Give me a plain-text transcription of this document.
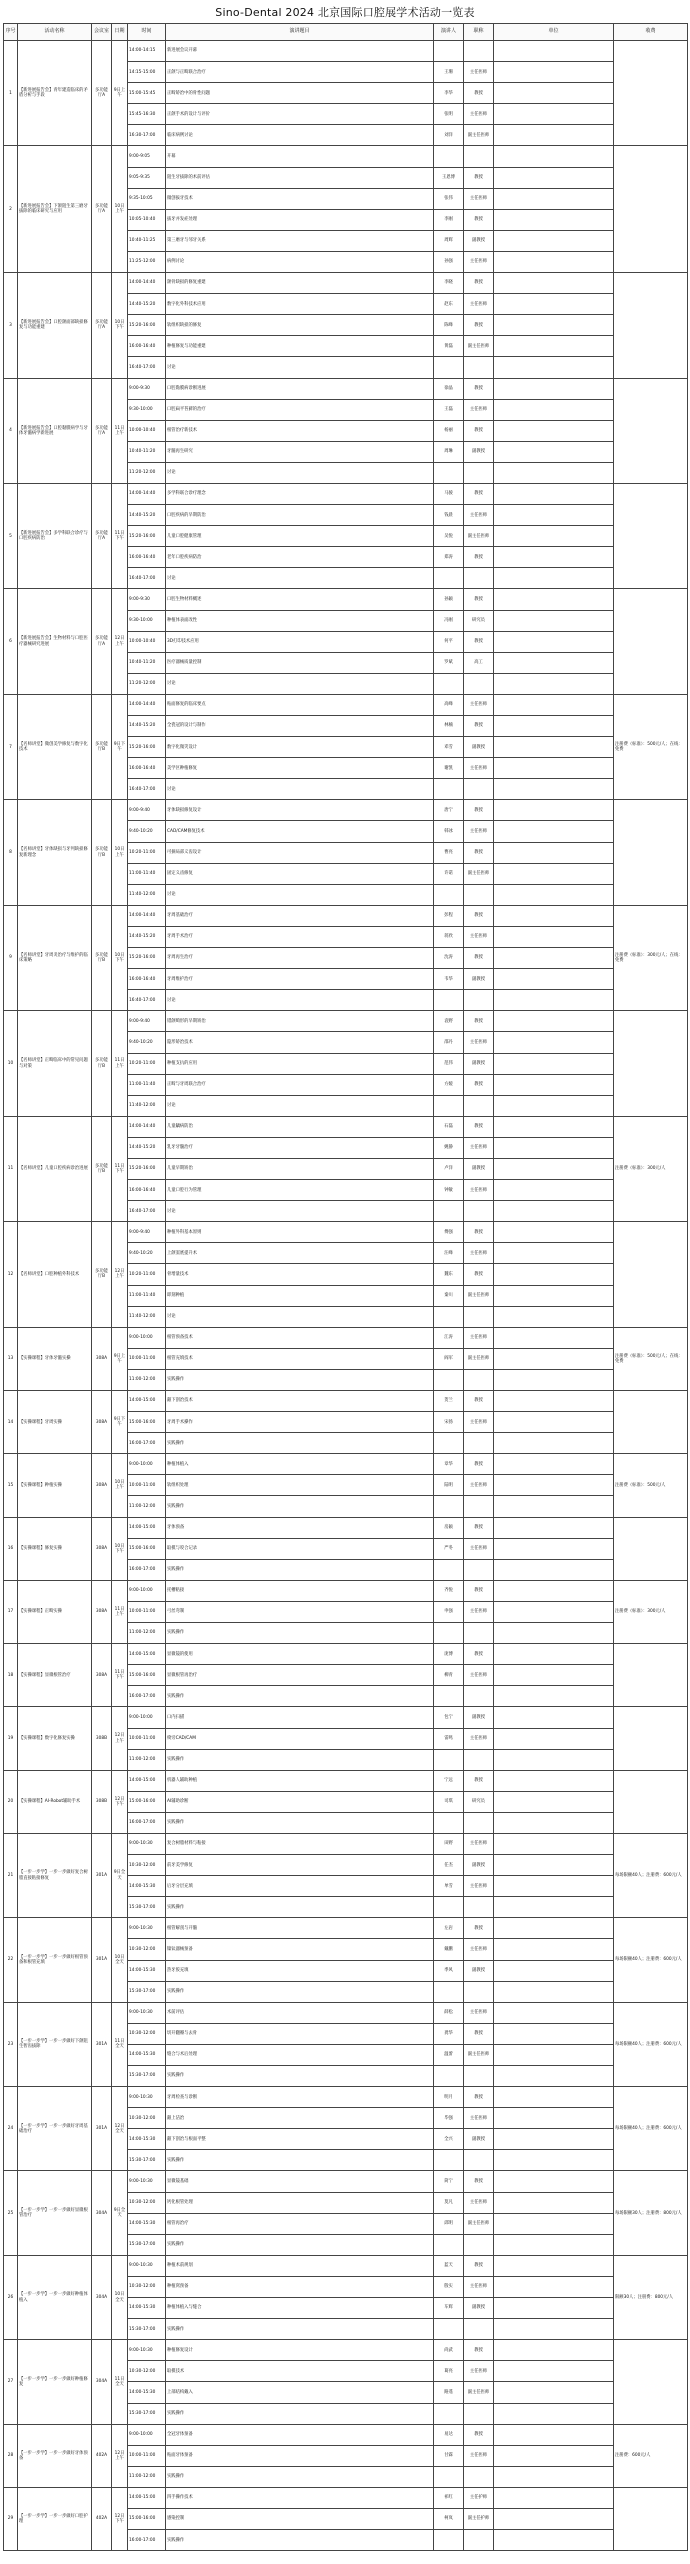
Sino-Dental 2024 北京国际口腔展学术活动一览表
序号	活动名称	会议室	日期	时间	演讲题目	演讲人	职称	单位	收费
1	【新进展报告会】青年建造临床的矛盾分析与手段	多功能厅A	9日上午	14:00-14:15	新进展会议开幕				
				14:15-15:00	正颌与正畸联合治疗	王珊	主任医师		
				15:00-15:45	正畸矫治中的骨性问题	李华	教授		
				15:45-16:30	正颌手术的设计与评价	张明	主任医师		
				16:30-17:00	临床病例讨论	刘洋	副主任医师		
2	【新进展报告会】下颌阻生第三磨牙拔除的临床研究与应用	多功能厅A	10日上午	9:00-9:05	开幕				
				9:05-9:35	阻生牙拔除的术前评估	王恩博	教授		
				9:35-10:05	微创拔牙技术	张伟	主任医师		
				10:05-10:40	拔牙并发症处理	李刚	教授		
				10:40-11:25	第三磨牙与邻牙关系	周辉	副教授		
				11:25-12:00	病例讨论	孙强	主任医师		
3	【新进展报告会】口腔颌面部缺损修复与功能重建	多功能厅A	10日下午	14:00-14:40	颌骨缺损的修复重建	李晓	教授		
				14:40-15:20	数字化外科技术应用	赵东	主任医师		
				15:20-16:00	软组织缺损的修复	陈峰	教授		
				16:00-16:40	种植修复与功能重建	黄磊	副主任医师		
				16:40-17:00	讨论				
4	【新进展报告会】口腔黏膜病学与牙体牙髓病学新进展	多功能厅A	11日上午	9:00-9:30	口腔黏膜病诊断进展	徐晶	教授		
				9:30-10:00	口腔扁平苔藓的治疗	王磊	主任医师		
				10:00-10:40	根管治疗新技术	杨丽	教授		
				10:40-11:20	牙髓再生研究	周琳	副教授		
				11:20-12:00	讨论				
5	【新进展报告会】多学科联合诊疗与口腔疾病防治	多功能厅A	11日下午	14:00-14:40	多学科联合诊疗理念	马骏	教授		
				14:40-15:20	口腔疾病的早期防治	钱晨	主任医师		
				15:20-16:00	儿童口腔健康管理	吴悦	副主任医师		
				16:00-16:40	老年口腔疾病防治	郑涛	教授		
				16:40-17:00	讨论				
6	【新进展报告会】生物材料与口腔医疗器械研究进展	多功能厅A	12日上午	9:00-9:30	口腔生物材料概述	孙颖	教授		
				9:30-10:00	种植体表面改性	冯刚	研究员		
				10:00-10:40	3D打印技术应用	何平	教授		
				10:40-11:20	医疗器械质量控制	罗斌	高工		
				11:20-12:00	讨论				
7	【名师讲堂】微创美学修复与数字化技术	多功能厅B	9日下午	14:00-14:40	贴面修复的临床要点	高峰	主任医师		注册费（标准）：500元/人；在线：免费
				14:40-15:20	全瓷冠的设计与制作	林楠	教授		
				15:20-16:00	数字化微笑设计	邓雪	副教授		
				16:00-16:40	美学区种植修复	谢凯	主任医师		
				16:40-17:00	讨论				
8	【名师讲堂】牙体缺损与牙列缺损修复新理念	多功能厅B	10日上午	9:00-9:40	牙体缺损修复设计	唐宁	教授		
				9:40-10:20	CAD/CAM修复技术	韩冰	主任医师		
				10:20-11:00	可摘局部义齿设计	曹亮	教授		
				11:00-11:40	固定义齿修复	许诺	副主任医师		
				11:40-12:00	讨论				
9	【名师讲堂】牙周炎治疗与维护的临床策略	多功能厅B	10日下午	14:00-14:40	牙周基础治疗	彭程	教授		注册费（标准）：300元/人；在线：免费
				14:40-15:20	牙周手术治疗	蒋欣	主任医师		
				15:20-16:00	牙周再生治疗	沈涛	教授		
				16:00-16:40	牙周维护治疗	韦华	副教授		
				16:40-17:00	讨论				
10	【名师讲堂】正畸临床中的常见问题与对策	多功能厅B	11日上午	9:00-9:40	错颌畸形的早期矫治	袁野	教授		
				9:40-10:20	隐形矫治技术	邵丹	主任医师		
				10:20-11:00	种植支抗的应用	范伟	副教授		
				11:00-11:40	正畸与牙周联合治疗	方媛	教授		
				11:40-12:00	讨论				
11	【名师讲堂】儿童口腔疾病诊治进展	多功能厅B	11日下午	14:00-14:40	儿童龋病防治	石磊	教授		注册费（标准）：300元/人
				14:40-15:20	乳牙牙髓治疗	姚静	主任医师		
				15:20-16:00	儿童早期矫治	卢洋	副教授		
				16:00-16:40	儿童口腔行为管理	钟敏	主任医师		
				16:40-17:00	讨论				
12	【名师讲堂】口腔种植外科技术	多功能厅B	12日上午	9:00-9:40	种植外科基本原则	傅强	教授		
				9:40-10:20	上颌窦底提升术	汪峰	主任医师		
				10:20-11:00	骨增量技术	魏东	教授		
				11:00-11:40	即刻种植	秦川	副主任医师		
				11:40-12:00	讨论				
13	【实操课程】牙体牙髓实操	308A	9日上午	9:00-10:00	根管预备技术	江涛	主任医师		注册费（标准）：500元/人；在线：免费
				10:00-11:00	根管充填技术	阎军	副主任医师		
				11:00-12:00	实践操作				
14	【实操课程】牙周实操	308A	9日下午	14:00-15:00	龈下刮治技术	贺兰	教授		
				15:00-16:00	牙周手术操作	宋扬	主任医师		
				16:00-17:00	实践操作				
15	【实操课程】种植实操	308A	10日上午	9:00-10:00	种植体植入	章华	教授		注册费（标准）：500元/人
				10:00-11:00	软组织处理	陆明	主任医师		
				11:00-12:00	实践操作				
16	【实操课程】修复实操	308A	10日下午	14:00-15:00	牙体预备	房颖	教授		
				15:00-16:00	取模与咬合记录	严冬	主任医师		
				16:00-17:00	实践操作				
17	【实操课程】正畸实操	308A	11日上午	9:00-10:00	托槽粘接	齐悦	教授		注册费（标准）：300元/人
				10:00-11:00	弓丝弯制	申强	主任医师		
				11:00-12:00	实践操作				
18	【实操课程】显微根管治疗	308A	11日下午	14:00-15:00	显微镜的使用	庞博	教授		
				15:00-16:00	显微根管再治疗	柳青	主任医师		
				16:00-17:00	实践操作				
19	【实操课程】数字化修复实操	308B	12日上午	9:00-10:00	口内扫描	包宁	副教授		
				10:00-11:00	椅旁CAD/CAM	雷鸣	主任医师		
				11:00-12:00	实践操作				
20	【实操课程】AI-Robot辅助手术	308B	12日下午	14:00-15:00	机器人辅助种植	宁远	教授		
				15:00-16:00	AI辅助诊断	司琪	研究员		
				16:00-17:00	实践操作				
21	【一步一步学】一步一步做好复合树脂直接粘接修复	301A	9日全天	9:00-10:30	复合树脂材料与粘接	田野	主任医师		每场限额40人；注册费：600元/人
				10:30-12:00	前牙美学修复	任杰	副教授		
				14:00-15:30	后牙分层充填	单雪	主任医师		
				15:30-17:00	实践操作				
22	【一步一步学】一步一步做好根管预备和根管充填	301A	10日全天	9:00-10:30	根管解剖与开髓	左岩	教授		每场限额40人；注册费：600元/人
				10:30-12:00	镍钛器械预备	戴鹏	主任医师		
				14:00-15:30	热牙胶充填	季风	副教授		
				15:30-17:00	实践操作				
23	【一步一步学】一步一步做好下颌阻生智齿拔除	301A	11日全天	9:00-10:30	术前评估	薛松	主任医师		每场限额40人；注册费：600元/人
				10:30-12:00	切开翻瓣与去骨	龚华	教授		
				14:00-15:30	缝合与术后处理	温蕾	副主任医师		
				15:30-17:00	实践操作				
24	【一步一步学】一步一步做好牙周基础治疗	301A	12日全天	9:00-10:30	牙周检查与诊断	明月	教授		每场限额40人；注册费：600元/人
				10:30-12:00	龈上洁治	毕强	主任医师		
				14:00-15:30	龈下刮治与根面平整	全兴	副教授		
				15:30-17:00	实践操作				
25	【一步一步学】一步一步做好显微根管治疗	304A	9日全天	9:00-10:30	显微镜基础	简宁	教授		每场限额30人；注册费：800元/人
				10:30-12:00	钙化根管处理	莫凡	主任医师		
				14:00-15:30	根管再治疗	邱明	副主任医师		
				15:30-17:00	实践操作				
26	【一步一步学】一步一步做好种植体植入	304A	10日全天	9:00-10:30	种植术前规划	蓝天	教授		限额30人；注册费：800元/人
				10:30-12:00	种植窝预备	殷实	主任医师		
				14:00-15:30	种植体植入与缝合	车辉	副教授		
				15:30-17:00	实践操作				
27	【一步一步学】一步一步做好种植修复	304A	11日全天	9:00-10:30	种植修复设计	尚武	教授		
				10:30-12:00	取模技术	葛亮	主任医师		
				14:00-15:30	上部结构戴入	路遥	副主任医师		
				15:30-17:00	实践操作				
28	【一步一步学】一步一步做好牙体预备	402A	12日上午	9:00-10:00	全冠牙体预备	易达	教授		注册费：600元/人
				10:00-11:00	贴面牙体预备	甘霖	主任医师		
				11:00-12:00	实践操作				
29	【一步一步学】一步一步做好口腔护理	402A	12日下午	14:00-15:00	四手操作技术	祁红	主任护师		
				15:00-16:00	感染控制	柯岚	副主任护师		
				16:00-17:00	实践操作				
